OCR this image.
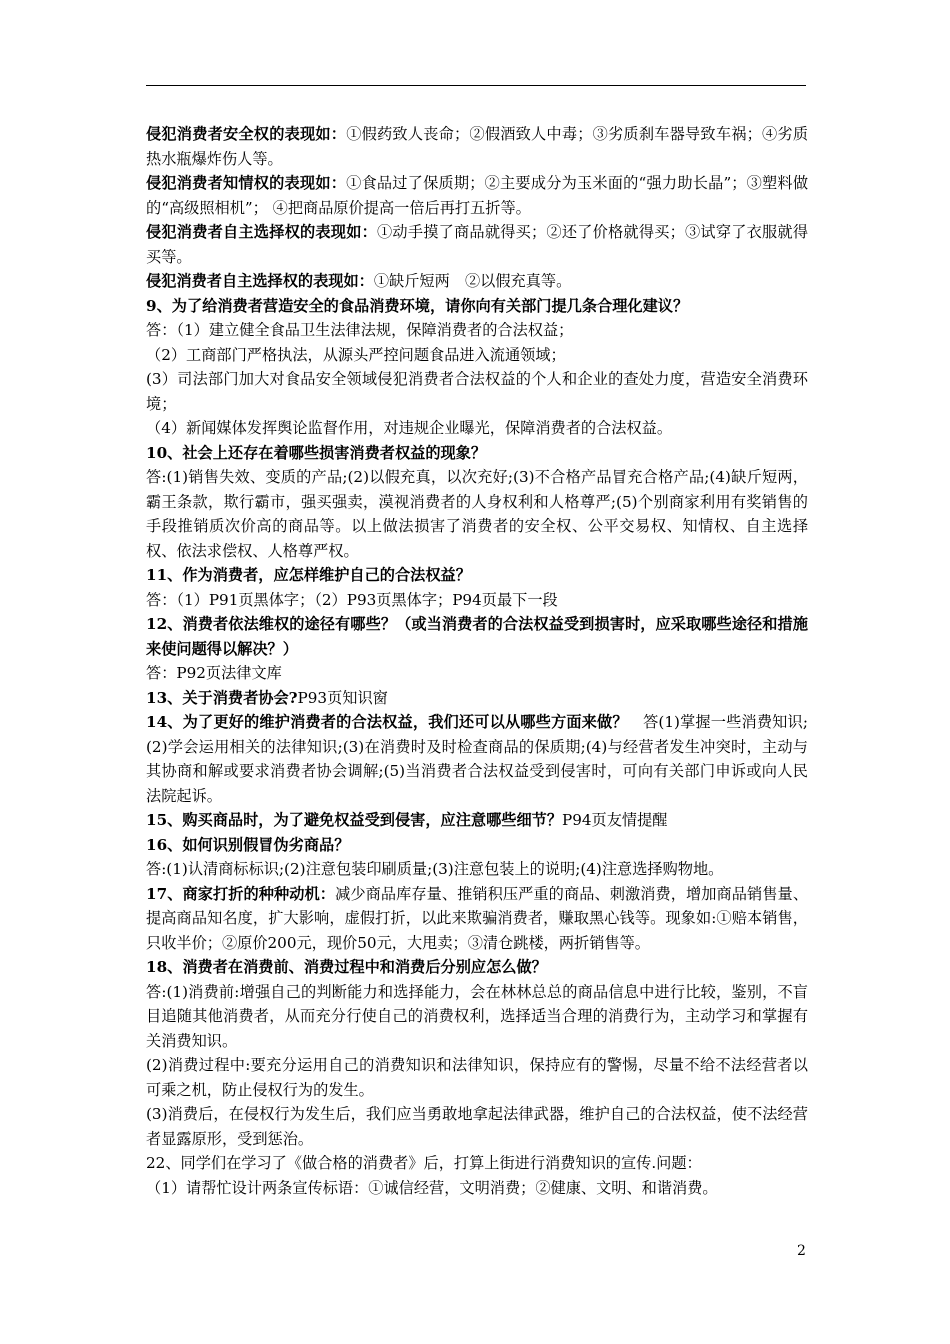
侵犯消费者安全权的表现如：①假药致人丧命；②假酒致人中毒；③劣质刹车器导致车祸；④劣质热水瓶爆炸伤人等。

侵犯消费者知情权的表现如：①食品过了保质期；②主要成分为玉米面的“强力助长晶”；③塑料做的“高级照相机”； ④把商品原价提高一倍后再打五折等。

侵犯消费者自主选择权的表现如：①动手摸了商品就得买；②还了价格就得买；③试穿了衣服就得买等。

侵犯消费者自主选择权的表现如：①缺斤短两　②以假充真等。

9、为了给消费者营造安全的食品消费环境，请你向有关部门提几条合理化建议？

答：（1）建立健全食品卫生法律法规，保障消费者的合法权益；

（2）工商部门严格执法，从源头严控问题食品进入流通领域；

(3）司法部门加大对食品安全领域侵犯消费者合法权益的个人和企业的查处力度，营造安全消费环境；

（4）新闻媒体发挥舆论监督作用，对违规企业曝光，保障消费者的合法权益。

10、社会上还存在着哪些损害消费者权益的现象？

答:(1)销售失效、变质的产品;(2)以假充真，以次充好;(3)不合格产品冒充合格产品;(4)缺斤短两，霸王条款，欺行霸市，强买强卖，漠视消费者的人身权利和人格尊严;(5)个别商家利用有奖销售的手段推销质次价高的商品等。以上做法损害了消费者的安全权、公平交易权、知情权、自主选择权、依法求偿权、人格尊严权。

11、作为消费者，应怎样维护自己的合法权益？

答：（1）P91页黑体字；（2）P93页黑体字；P94页最下一段

12、消费者依法维权的途径有哪些？（或当消费者的合法权益受到损害时，应采取哪些途径和措施来使问题得以解决？）

答：P92页法律文库

13、关于消费者协会?P93页知识窗

14、为了更好的维护消费者的合法权益，我们还可以从哪些方面来做？　答(1)掌握一些消费知识;(2)学会运用相关的法律知识;(3)在消费时及时检查商品的保质期;(4)与经营者发生冲突时，主动与其协商和解或要求消费者协会调解;(5)当消费者合法权益受到侵害时，可向有关部门申诉或向人民法院起诉。

15、购买商品时，为了避免权益受到侵害，应注意哪些细节？P94页友情提醒

16、如何识别假冒伪劣商品？

答:(1)认清商标标识;(2)注意包装印刷质量;(3)注意包装上的说明;(4)注意选择购物地。

17、商家打折的种种动机：减少商品库存量、推销积压严重的商品、刺激消费，增加商品销售量、提高商品知名度，扩大影响，虚假打折，以此来欺骗消费者，赚取黑心钱等。现象如:①赔本销售，只收半价；②原价200元，现价50元，大甩卖；③清仓跳楼，两折销售等。

18、消费者在消费前、消费过程中和消费后分别应怎么做？

答:(1)消费前:增强自己的判断能力和选择能力，会在林林总总的商品信息中进行比较，鉴别，不盲目追随其他消费者，从而充分行使自己的消费权利，选择适当合理的消费行为，主动学习和掌握有关消费知识。

(2)消费过程中:要充分运用自己的消费知识和法律知识，保持应有的警惕，尽量不给不法经营者以可乘之机，防止侵权行为的发生。

(3)消费后，在侵权行为发生后，我们应当勇敢地拿起法律武器，维护自己的合法权益，使不法经营者显露原形，受到惩治。

22、同学们在学习了《做合格的消费者》后，打算上街进行消费知识的宣传.问题：

（1）请帮忙设计两条宣传标语：①诚信经营，文明消费；②健康、文明、和谐消费。

2
